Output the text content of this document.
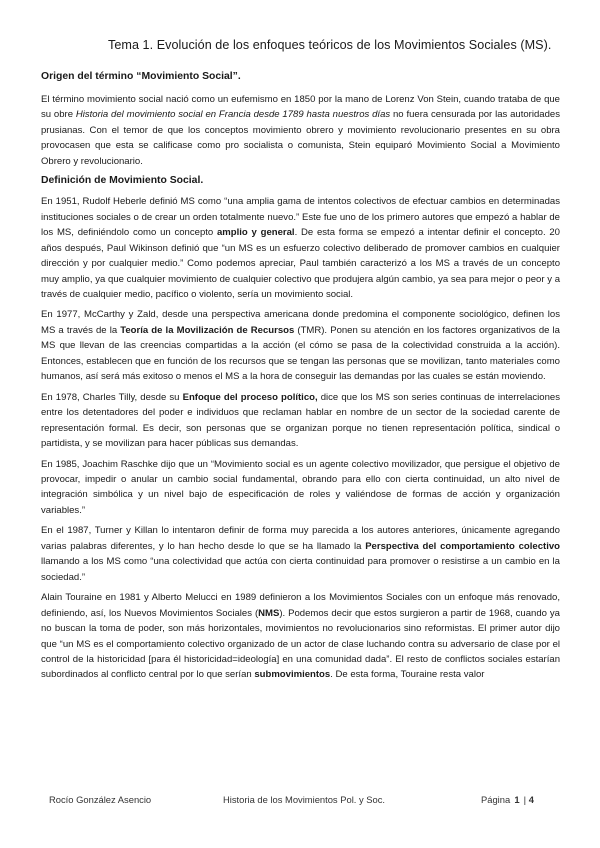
Tema 1. Evolución de los enfoques teóricos de los Movimientos Sociales (MS).
Origen del término “Movimiento Social”.

El término movimiento social nació como un eufemismo en 1850 por la mano de Lorenz Von Stein, cuando trataba de que su obre Historia del movimiento social en Francia desde 1789 hasta nuestros días no fuera censurada por las autoridades prusianas. Con el temor de que los conceptos movimiento obrero y movimiento revolucionario presentes en su obra provocasen que esta se calificase como pro socialista o comunista, Stein equiparó Movimiento Social a Movimiento Obrero y revolucionario.

Definición de Movimiento Social.

En 1951, Rudolf Heberle definió MS como “una amplia gama de intentos colectivos de efectuar cambios en determinadas instituciones sociales o de crear un orden totalmente nuevo.” Este fue uno de los primero autores que empezó a hablar de los MS, definiéndolo como un concepto amplio y general. De esta forma se empezó a intentar definir el concepto. 20 años después, Paul Wikinson definió que “un MS es un esfuerzo colectivo deliberado de promover cambios en cualquier dirección y por cualquier medio.” Como podemos apreciar, Paul también caracterizó a los MS a través de un concepto muy amplio, ya que cualquier movimiento de cualquier colectivo que produjera algún cambio, ya sea para mejor o peor y a través de cualquier medio, pacífico o violento, sería un movimiento social.

En 1977, McCarthy y Zald, desde una perspectiva americana donde predomina el componente sociológico, definen los MS a través de la Teoría de la Movilización de Recursos (TMR). Ponen su atención en los factores organizativos de la MS que llevan de las creencias compartidas a la acción (el cómo se pasa de la colectividad construida a la acción). Entonces, establecen que en función de los recursos que se tengan las personas que se movilizan, tanto materiales como humanos, así será más exitoso o menos el MS a la hora de conseguir las demandas por las cuales se están moviendo.

En 1978, Charles Tilly, desde su Enfoque del proceso político, dice que los MS son series continuas de interrelaciones entre los detentadores del poder e individuos que reclaman hablar en nombre de un sector de la sociedad carente de representación formal. Es decir, son personas que se organizan porque no tienen representación política, sindical o partidista, y se movilizan para hacer públicas sus demandas.

En 1985, Joachim Raschke dijo que un “Movimiento social es un agente colectivo movilizador, que persigue el objetivo de provocar, impedir o anular un cambio social fundamental, obrando para ello con cierta continuidad, un alto nivel de integración simbólica y un nivel bajo de especificación de roles y valiéndose de formas de acción y organización variables.”

En el 1987, Turner y Killan lo intentaron definir de forma muy parecida a los autores anteriores, únicamente agregando varias palabras diferentes, y lo han hecho desde lo que se ha llamado la Perspectiva del comportamiento colectivo llamando a los MS como “una colectividad que actúa con cierta continuidad para promover o resistirse a un cambio en la sociedad.”

Alain Touraine en 1981 y Alberto Melucci en 1989 definieron a los Movimientos Sociales con un enfoque más renovado, definiendo, así, los Nuevos Movimientos Sociales (NMS). Podemos decir que estos surgieron a partir de 1968, cuando ya no buscan la toma de poder, son más horizontales, movimientos no revolucionarios sino reformistas. El primer autor dijo que “un MS es el comportamiento colectivo organizado de un actor de clase luchando contra su adversario de clase por el control de la historicidad [para él historicidad=ideología] en una comunidad dada”. El resto de conflictos sociales estarían subordinados al conflicto central por lo que serían submovimientos. De esta forma, Touraine resta valor

Rocío González Asencio	Historia de los Movimientos Pol. y Soc.	Página 1 | 4
